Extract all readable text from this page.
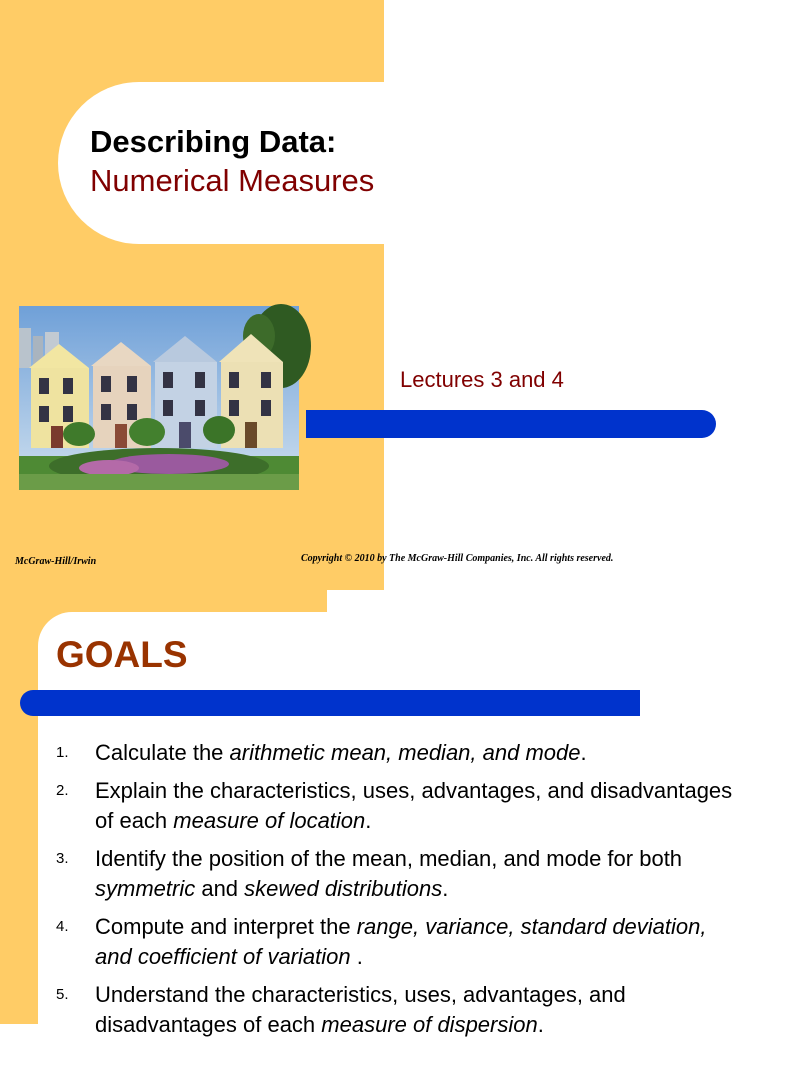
Describing Data:
Numerical Measures
Lectures 3 and 4
McGraw-Hill/Irwin	Copyright © 2010 by The McGraw-Hill Companies, Inc. All rights reserved.
GOALS
1.	Calculate the arithmetic mean, median, and mode.
2.	Explain the characteristics, uses, advantages, and disadvantages of each measure of location.
3.	Identify the position of the mean, median, and mode for both symmetric and skewed distributions.
4.	Compute and interpret the range, variance, standard deviation, and coefficient of variation .
5.	Understand the characteristics, uses, advantages, and disadvantages of each measure of dispersion.
